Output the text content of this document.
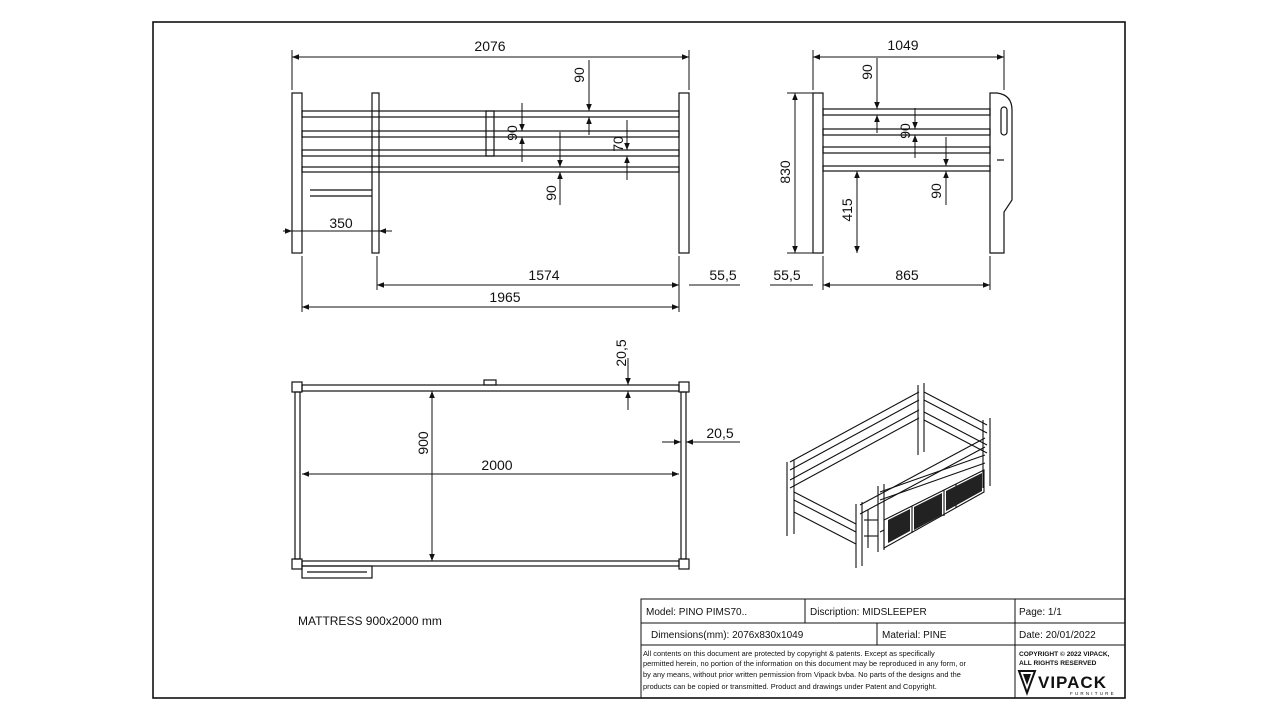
2076
90
90
70
90
350
1574	55,5
1965
1049
830
90
90
90
415
55,5	865
20,5
20,5
900
2000
MATTRESS 900x2000 mm
Model: PINO PIMS70..	Discription: MIDSLEEPER	Page: 1/1
Dimensions(mm): 2076x830x1049	Material: PINE	Date: 20/01/2022
All contents on this document are protected by copyright & patents. Except as specifically
permitted herein, no portion of the information on this document may be reproduced in any form, or
by any means, without prior written permission from Vipack bvba. No parts of the designs and the
products can be copied or transmitted. Product and drawings under Patent and Copyright.
COPYRIGHT © 2022 VIPACK,
ALL RIGHTS RESERVED
VIPACK
FURNITURE
